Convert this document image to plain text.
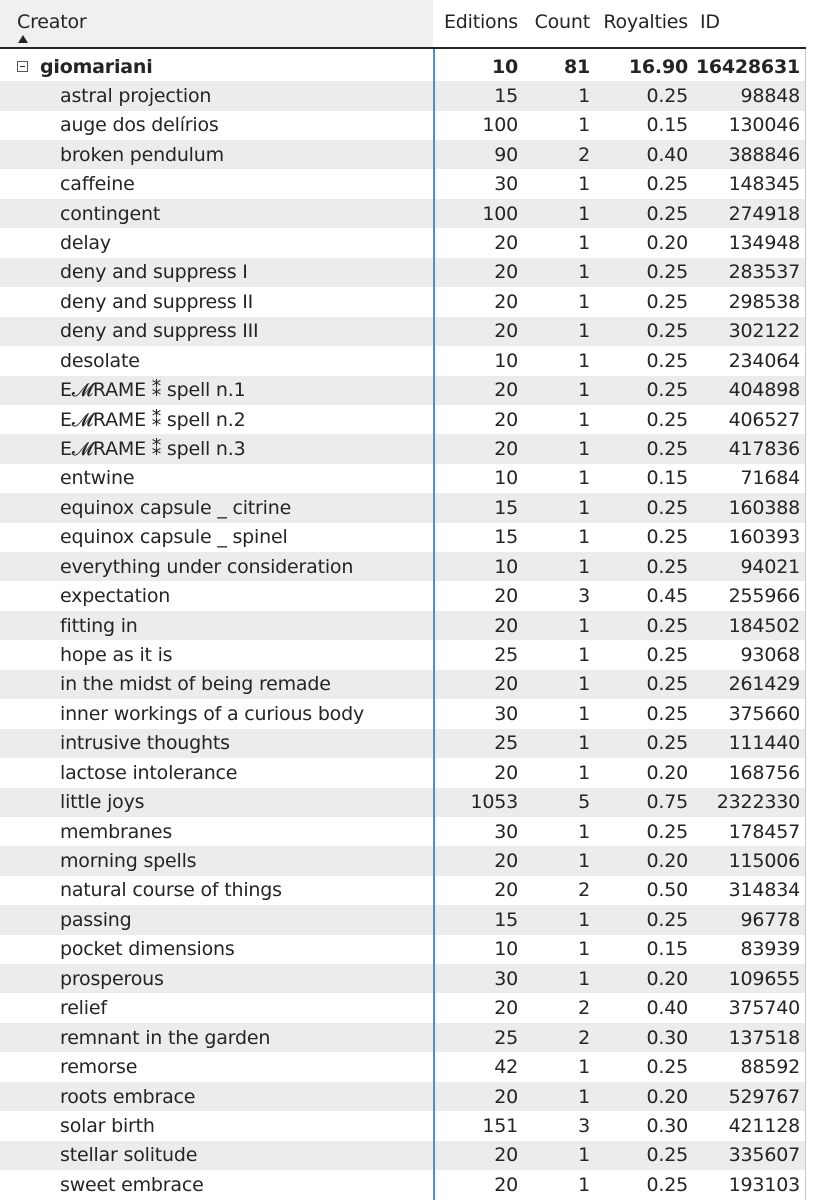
Creator	Editions Count Royalties ID
giomariani	10	81	16.90 16428631
astral projection	15	1	0.25	98848
auge dos delírios	100	1	0.15	130046
broken pendulum	90	2	0.40	388846
caffeine	30	1	0.25	148345
contingent	100	1	0.25	274918
delay	20	1	0.20	134948
deny and suppress I	20	1	0.25	283537
deny and suppress II	20	1	0.25	298538
deny and suppress III	20	1	0.25	302122
desolate	10	1	0.25	234064
E𝓜RAME ⁑ spell n.1	20	1	0.25	404898
E𝓜RAME ⁑ spell n.2	20	1	0.25	406527
E𝓜RAME ⁑ spell n.3	20	1	0.25	417836
entwine	10	1	0.15	71684
equinox capsule _ citrine	15	1	0.25	160388
equinox capsule _ spinel	15	1	0.25	160393
everything under consideration	10	1	0.25	94021
expectation	20	3	0.45	255966
fitting in	20	1	0.25	184502
hope as it is	25	1	0.25	93068
in the midst of being remade	20	1	0.25	261429
inner workings of a curious body	30	1	0.25	375660
intrusive thoughts	25	1	0.25	111440
lactose intolerance	20	1	0.20	168756
little joys	1053	5	0.75	2322330
membranes	30	1	0.25	178457
morning spells	20	1	0.20	115006
natural course of things	20	2	0.50	314834
passing	15	1	0.25	96778
pocket dimensions	10	1	0.15	83939
prosperous	30	1	0.20	109655
relief	20	2	0.40	375740
remnant in the garden	25	2	0.30	137518
remorse	42	1	0.25	88592
roots embrace	20	1	0.20	529767
solar birth	151	3	0.30	421128
stellar solitude	20	1	0.25	335607
sweet embrace	20	1	0.25	193103
